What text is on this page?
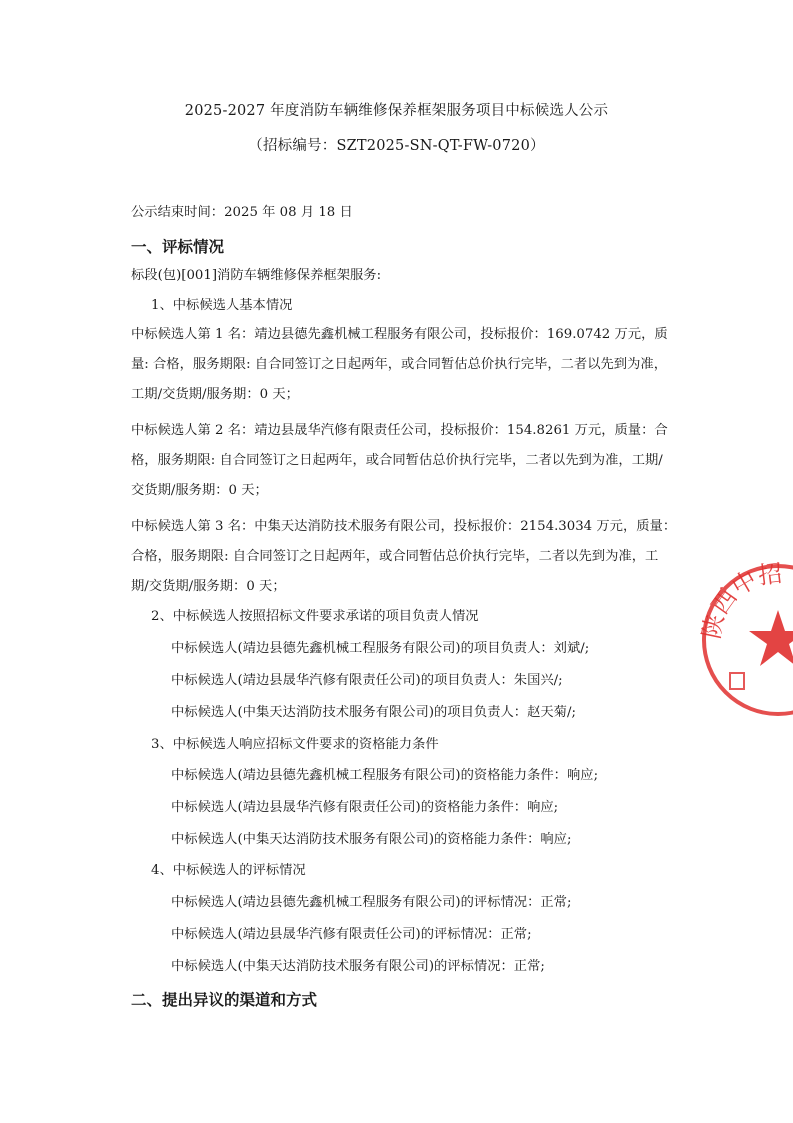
2025-2027 年度消防车辆维修保养框架服务项目中标候选人公示
（招标编号：SZT2025-SN-QT-FW-0720）
公示结束时间：2025 年 08 月 18 日
一、评标情况
标段(包)[001]消防车辆维修保养框架服务:
1、中标候选人基本情况
中标候选人第 1 名：靖边县德先鑫机械工程服务有限公司，投标报价：169.0742 万元，质
量: 合格，服务期限: 自合同签订之日起两年，或合同暂估总价执行完毕，二者以先到为准，
工期/交货期/服务期：0 天；
中标候选人第 2 名：靖边县晟华汽修有限责任公司，投标报价：154.8261 万元，质量：合
格，服务期限: 自合同签订之日起两年，或合同暂估总价执行完毕，二者以先到为准，工期/
交货期/服务期：0 天；
中标候选人第 3 名：中集天达消防技术服务有限公司，投标报价：2154.3034 万元，质量：
合格，服务期限: 自合同签订之日起两年，或合同暂估总价执行完毕，二者以先到为准，工
期/交货期/服务期：0 天；
2、中标候选人按照招标文件要求承诺的项目负责人情况
中标候选人(靖边县德先鑫机械工程服务有限公司)的项目负责人：刘斌/;
中标候选人(靖边县晟华汽修有限责任公司)的项目负责人：朱国兴/;
中标候选人(中集天达消防技术服务有限公司)的项目负责人：赵天菊/;
3、中标候选人响应招标文件要求的资格能力条件
中标候选人(靖边县德先鑫机械工程服务有限公司)的资格能力条件：响应;
中标候选人(靖边县晟华汽修有限责任公司)的资格能力条件：响应;
中标候选人(中集天达消防技术服务有限公司)的资格能力条件：响应;
4、中标候选人的评标情况
中标候选人(靖边县德先鑫机械工程服务有限公司)的评标情况：正常;
中标候选人(靖边县晟华汽修有限责任公司)的评标情况：正常;
中标候选人(中集天达消防技术服务有限公司)的评标情况：正常;
二、提出异议的渠道和方式
陕西中招
